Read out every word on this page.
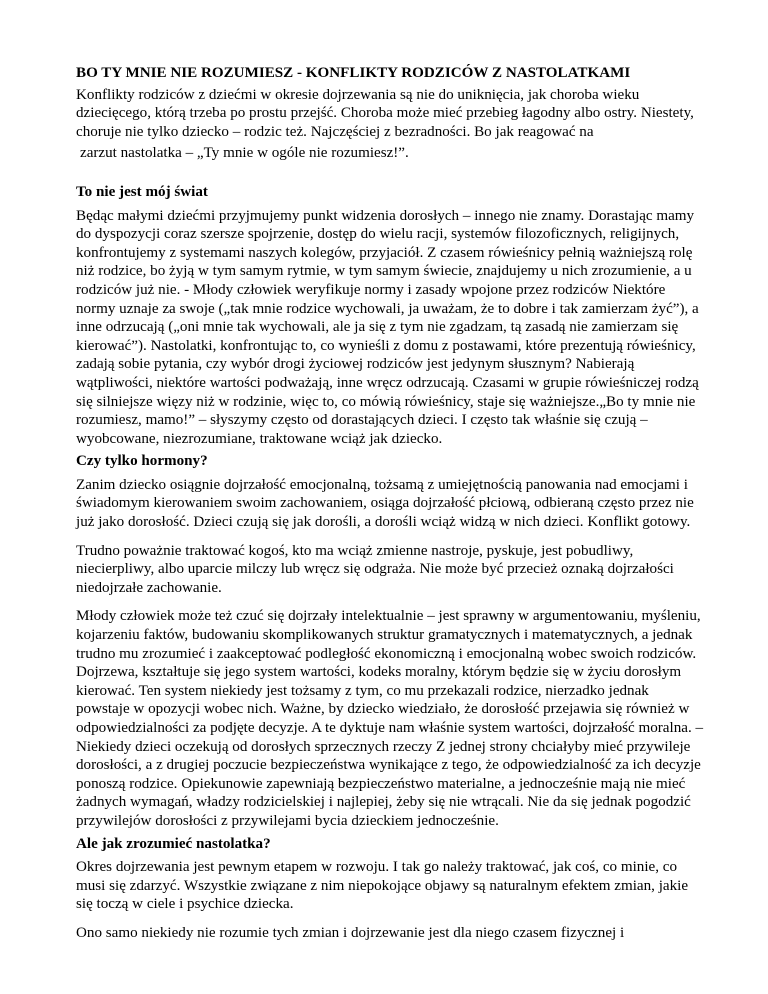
BO TY MNIE NIE ROZUMIESZ - KONFLIKTY RODZICÓW Z NASTOLATKAMI

Konflikty rodziców z dziećmi w okresie dojrzewania są nie do uniknięcia, jak choroba wieku dziecięcego, którą trzeba po prostu przejść. Choroba może mieć przebieg łagodny albo ostry. Niestety, choruje nie tylko dziecko – rodzic też. Najczęściej z bezradności. Bo jak reagować na

zarzut nastolatka – „Ty mnie w ogóle nie rozumiesz!”.
To nie jest mój świat

Będąc małymi dziećmi przyjmujemy punkt widzenia dorosłych – innego nie znamy. Dorastając mamy do dyspozycji coraz szersze spojrzenie, dostęp do wielu racji, systemów filozoficznych, religijnych, konfrontujemy z systemami naszych kolegów, przyjaciół. Z czasem rówieśnicy pełnią ważniejszą rolę niż rodzice, bo żyją w tym samym rytmie, w tym samym świecie, znajdujemy u nich zrozumienie, a u rodziców już nie. - Młody człowiek weryfikuje normy i zasady wpojone przez rodziców Niektóre normy uznaje za swoje („tak mnie rodzice wychowali, ja uważam, że to dobre i tak zamierzam żyć”), a inne odrzucają („oni mnie tak wychowali, ale ja się z tym nie zgadzam, tą zasadą nie zamierzam się kierować”). Nastolatki, konfrontując to, co wynieśli z domu z postawami, które prezentują rówieśnicy, zadają sobie pytania, czy wybór drogi życiowej rodziców jest jedynym słusznym? Nabierają wątpliwości, niektóre wartości podważają, inne wręcz odrzucają. Czasami w grupie rówieśniczej rodzą się silniejsze więzy niż w rodzinie, więc to, co mówią rówieśnicy, staje się ważniejsze.„Bo ty mnie nie rozumiesz, mamo!” – słyszymy często od dorastających dzieci. I często tak właśnie się czują – wyobcowane, niezrozumiane, traktowane wciąż jak dziecko.

Czy tylko hormony?

Zanim dziecko osiągnie dojrzałość emocjonalną, tożsamą z umiejętnością panowania nad emocjami i świadomym kierowaniem swoim zachowaniem, osiąga dojrzałość płciową, odbieraną często przez nie już jako dorosłość. Dzieci czują się jak dorośli, a dorośli wciąż widzą w nich dzieci. Konflikt gotowy.

Trudno poważnie traktować kogoś, kto ma wciąż zmienne nastroje, pyskuje, jest pobudliwy, niecierpliwy, albo uparcie milczy lub wręcz się odgraża. Nie może być przecież oznaką dojrzałości niedojrzałe zachowanie.

Młody człowiek może też czuć się dojrzały intelektualnie – jest sprawny w argumentowaniu, myśleniu, kojarzeniu faktów, budowaniu skomplikowanych struktur gramatycznych i matematycznych, a jednak trudno mu zrozumieć i zaakceptować podległość ekonomiczną i emocjonalną wobec swoich rodziców. Dojrzewa, kształtuje się jego system wartości, kodeks moralny, którym będzie się w życiu dorosłym kierować. Ten system niekiedy jest tożsamy z tym, co mu przekazali rodzice, nierzadko jednak powstaje w opozycji wobec nich. Ważne, by dziecko wiedziało, że dorosłość przejawia się również w odpowiedzialności za podjęte decyzje. A te dyktuje nam właśnie system wartości, dojrzałość moralna. – Niekiedy dzieci oczekują od dorosłych sprzecznych rzeczy Z jednej strony chciałyby mieć przywileje dorosłości, a z drugiej poczucie bezpieczeństwa wynikające z tego, że odpowiedzialność za ich decyzje ponoszą rodzice. Opiekunowie zapewniają bezpieczeństwo materialne, a jednocześnie mają nie mieć żadnych wymagań, władzy rodzicielskiej i najlepiej, żeby się nie wtrącali. Nie da się jednak pogodzić przywilejów dorosłości z przywilejami bycia dzieckiem jednocześnie.

Ale jak zrozumieć nastolatka?

Okres dojrzewania jest pewnym etapem w rozwoju. I tak go należy traktować, jak coś, co minie, co musi się zdarzyć. Wszystkie związane z nim niepokojące objawy są naturalnym efektem zmian, jakie się toczą w ciele i psychice dziecka.

Ono samo niekiedy nie rozumie tych zmian i dojrzewanie jest dla niego czasem fizycznej i
